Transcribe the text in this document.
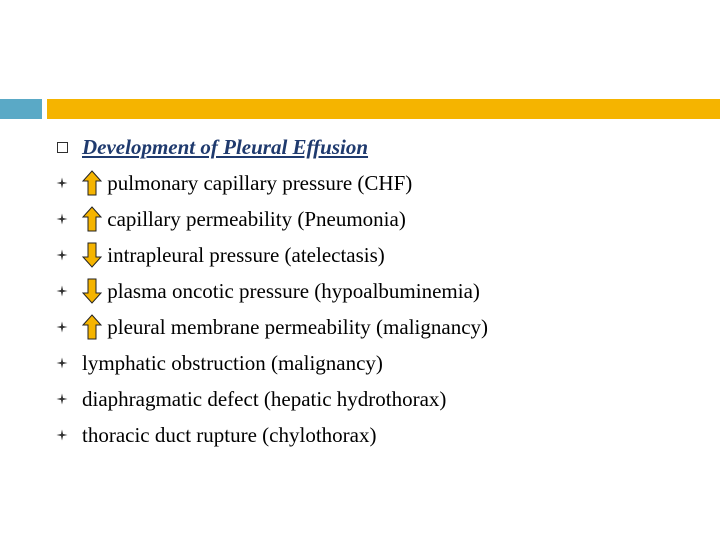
Development of Pleural Effusion
pulmonary capillary pressure (CHF)
capillary permeability (Pneumonia)
intrapleural pressure (atelectasis)
plasma oncotic pressure (hypoalbuminemia)
pleural membrane permeability (malignancy)
lymphatic obstruction (malignancy)
diaphragmatic defect (hepatic hydrothorax)
thoracic duct rupture (chylothorax)
